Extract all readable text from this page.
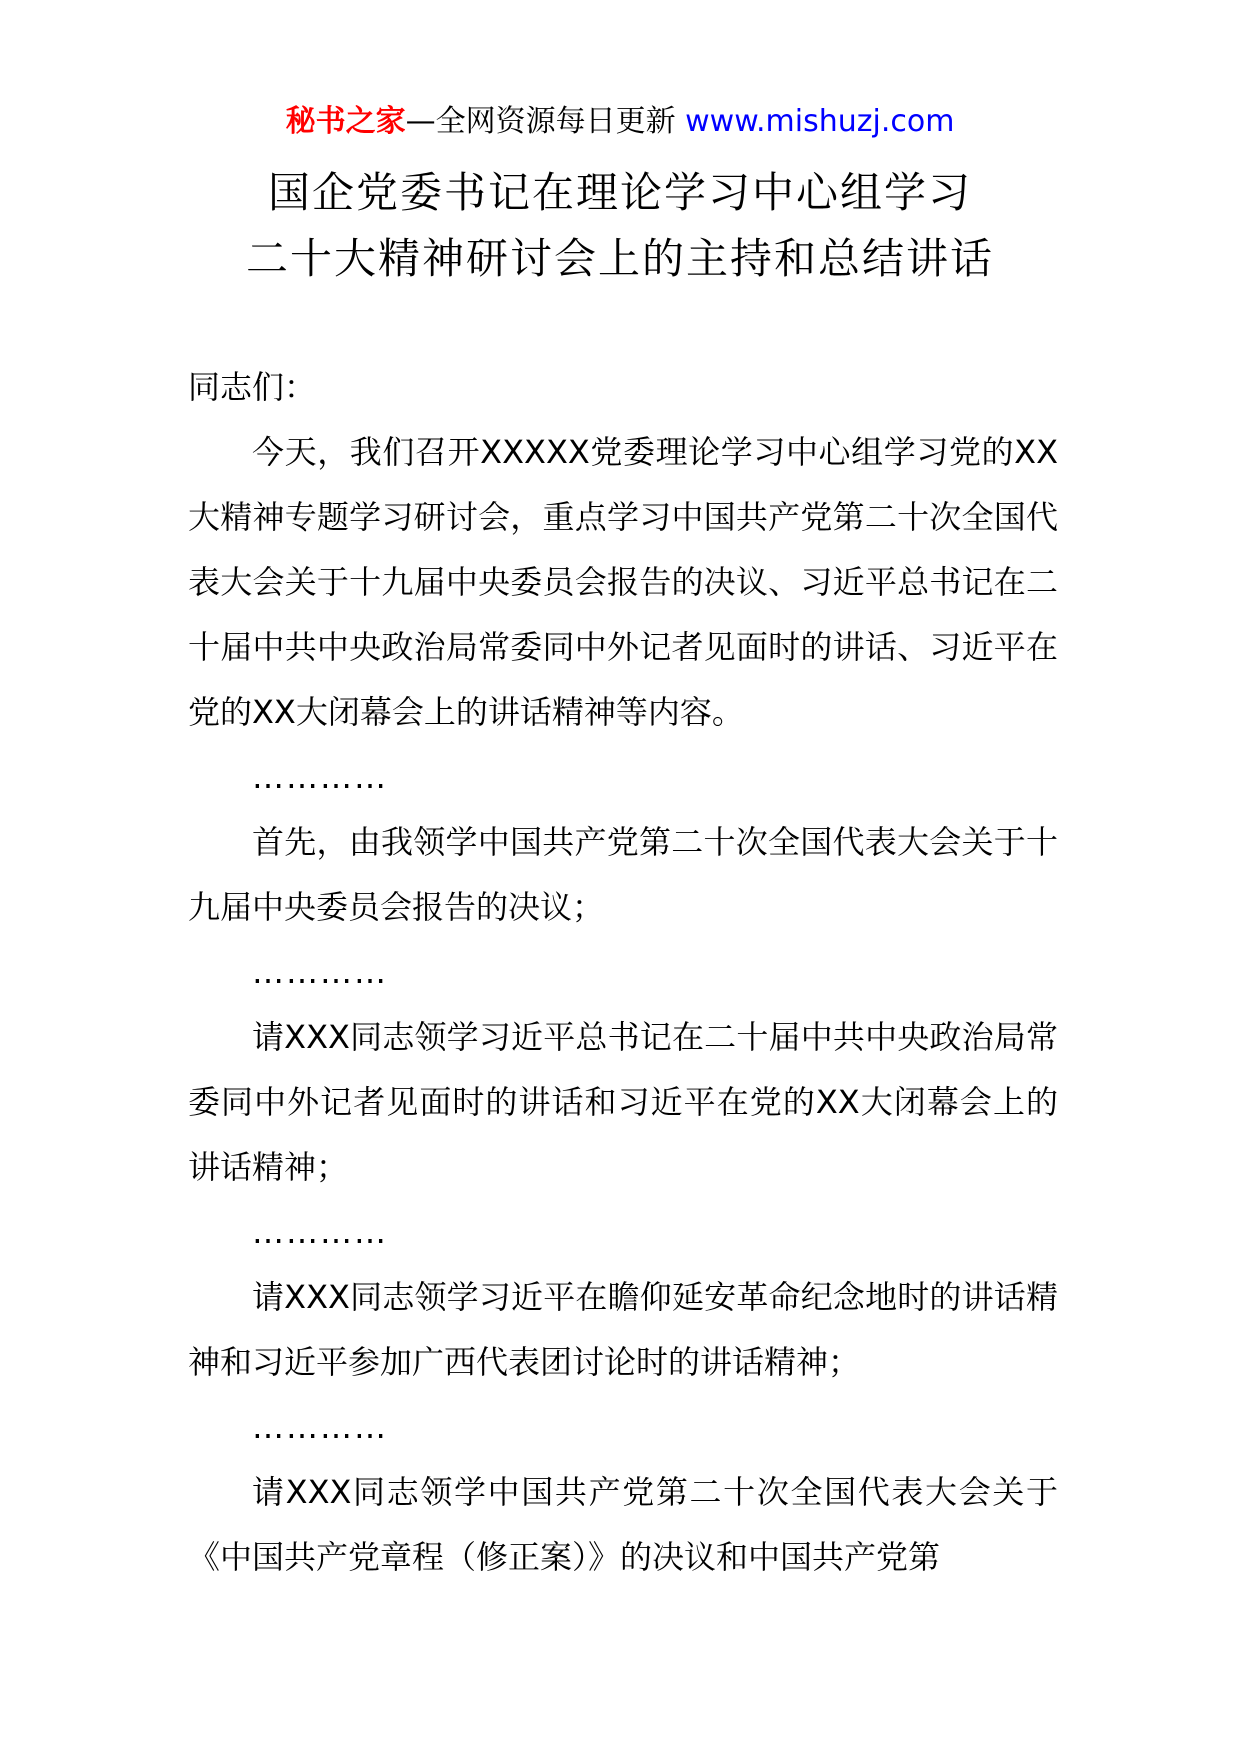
秘书之家—全网资源每日更新 www.mishuzj.com
国企党委书记在理论学习中心组学习
二十大精神研讨会上的主持和总结讲话

同志们：

今天，我们召开XXXXX党委理论学习中心组学习党的XX大精神专题学习研讨会，重点学习中国共产党第二十次全国代表大会关于十九届中央委员会报告的决议、习近平总书记在二十届中共中央政治局常委同中外记者见面时的讲话、习近平在党的XX大闭幕会上的讲话精神等内容。

…………

首先，由我领学中国共产党第二十次全国代表大会关于十九届中央委员会报告的决议；

…………

请XXX同志领学习近平总书记在二十届中共中央政治局常委同中外记者见面时的讲话和习近平在党的XX大闭幕会上的讲话精神；

…………

请XXX同志领学习近平在瞻仰延安革命纪念地时的讲话精神和习近平参加广西代表团讨论时的讲话精神；

…………

请XXX同志领学中国共产党第二十次全国代表大会关于《中国共产党章程（修正案）》的决议和中国共产党第
